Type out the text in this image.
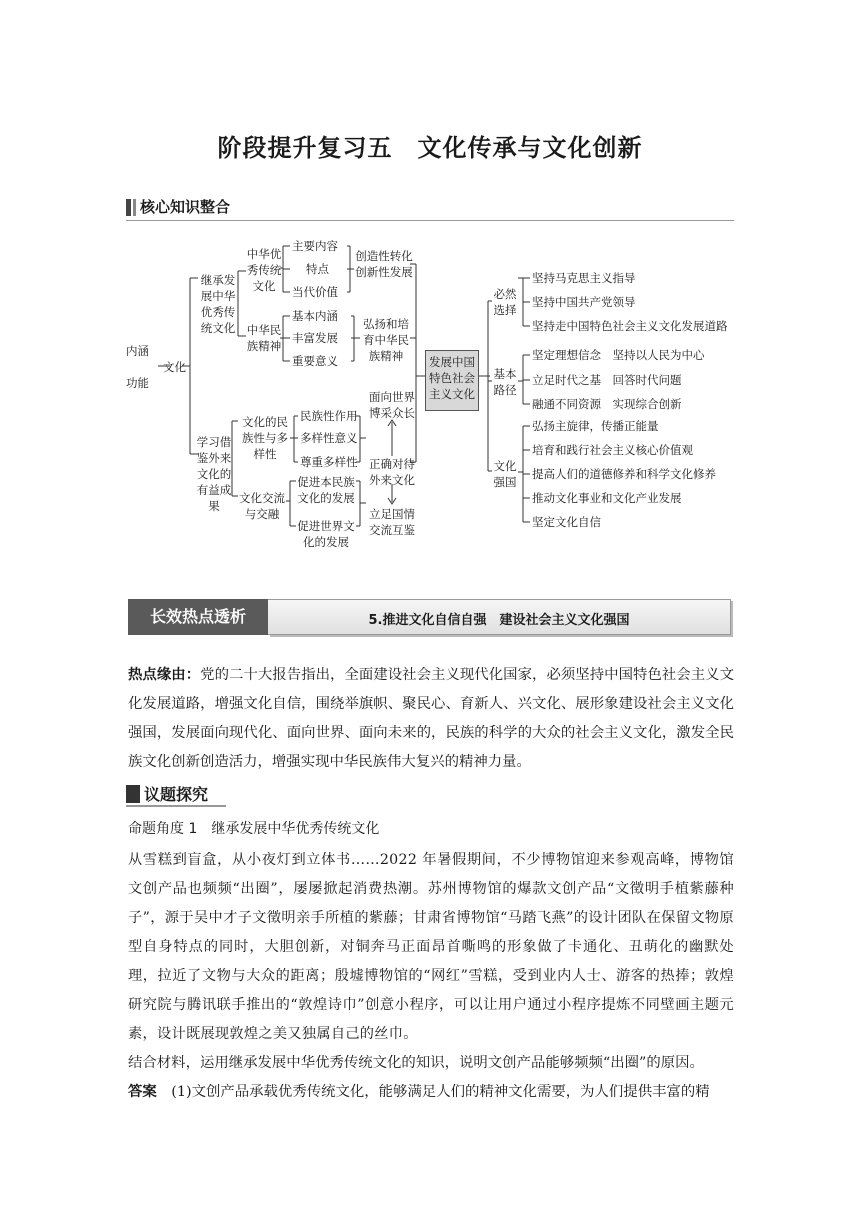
阶段提升复习五　文化传承与文化创新
核心知识整合
内涵
功能
文化
继承发展中华优秀传统文化
中华优秀传统文化
主要内容
特点
当代价值
创造性转化创新性发展
中华民族精神
基本内涵
丰富发展
重要意义
弘扬和培育中华民族精神
学习借鉴外来文化的有益成果
文化的民族性与多样性
民族性作用
多样性意义
尊重多样性
文化交流与交融
促进本民族文化的发展
促进世界文化的发展
面向世界博采众长
正确对待外来文化
立足国情交流互鉴
发展中国特色社会主义文化
必然选择
坚持马克思主义指导
坚持中国共产党领导
坚持走中国特色社会主义文化发展道路
基本路径
坚定理想信念　坚持以人民为中心
立足时代之基　回答时代问题
融通不同资源　实现综合创新
文化强国
弘扬主旋律，传播正能量
培育和践行社会主义核心价值观
提高人们的道德修养和科学文化修养
推动文化事业和文化产业发展
坚定文化自信
长效热点透析	5.推进文化自信自强　建设社会主义文化强国
热点缘由：党的二十大报告指出，全面建设社会主义现代化国家，必须坚持中国特色社会主义文化发展道路，增强文化自信，围绕举旗帜、聚民心、育新人、兴文化、展形象建设社会主义文化强国，发展面向现代化、面向世界、面向未来的，民族的科学的大众的社会主义文化，激发全民族文化创新创造活力，增强实现中华民族伟大复兴的精神力量。
议题探究
命题角度 1　继承发展中华优秀传统文化
从雪糕到盲盒，从小夜灯到立体书……2022 年暑假期间，不少博物馆迎来参观高峰，博物馆文创产品也频频“出圈”，屡屡掀起消费热潮。苏州博物馆的爆款文创产品“文徵明手植紫藤种子”，源于吴中才子文徵明亲手所植的紫藤；甘肃省博物馆“马踏飞燕”的设计团队在保留文物原型自身特点的同时，大胆创新，对铜奔马正面昂首嘶鸣的形象做了卡通化、丑萌化的幽默处理，拉近了文物与大众的距离；殷墟博物馆的“网红”雪糕，受到业内人士、游客的热捧；敦煌研究院与腾讯联手推出的“敦煌诗巾”创意小程序，可以让用户通过小程序提炼不同壁画主题元素，设计既展现敦煌之美又独属自己的丝巾。
结合材料，运用继承发展中华优秀传统文化的知识，说明文创产品能够频频“出圈”的原因。
答案　 (1)文创产品承载优秀传统文化，能够满足人们的精神文化需要，为人们提供丰富的精
